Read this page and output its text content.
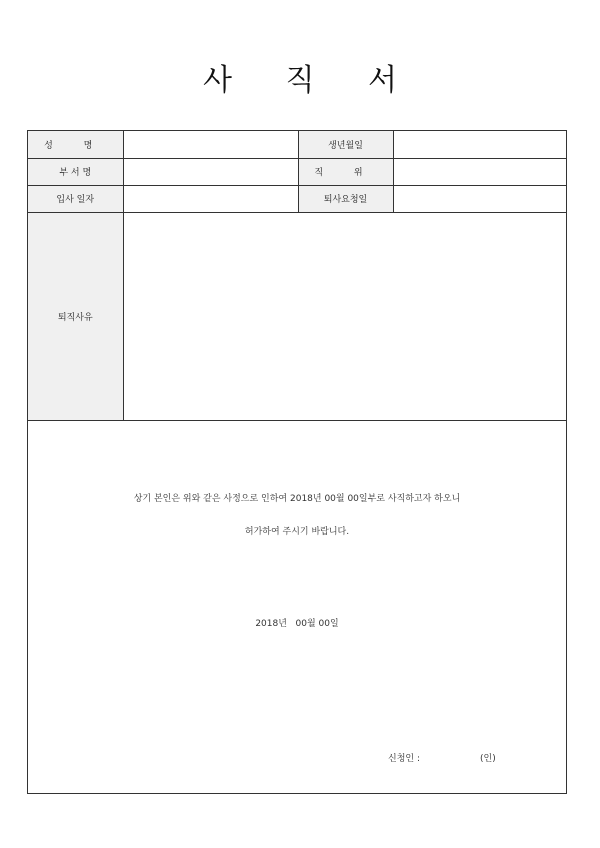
사 직 서
성 명		생년월일	
부 서 명		직 위	
입사 일자		퇴사요청일	
퇴직사유			
상기 본인은 위와 같은 사정으로 인하여 2018년 00월 00일부로 사직하고자 하오니
허가하여 주시기 바랍니다.
2018년   00월 00일
신청인 :	(인)
